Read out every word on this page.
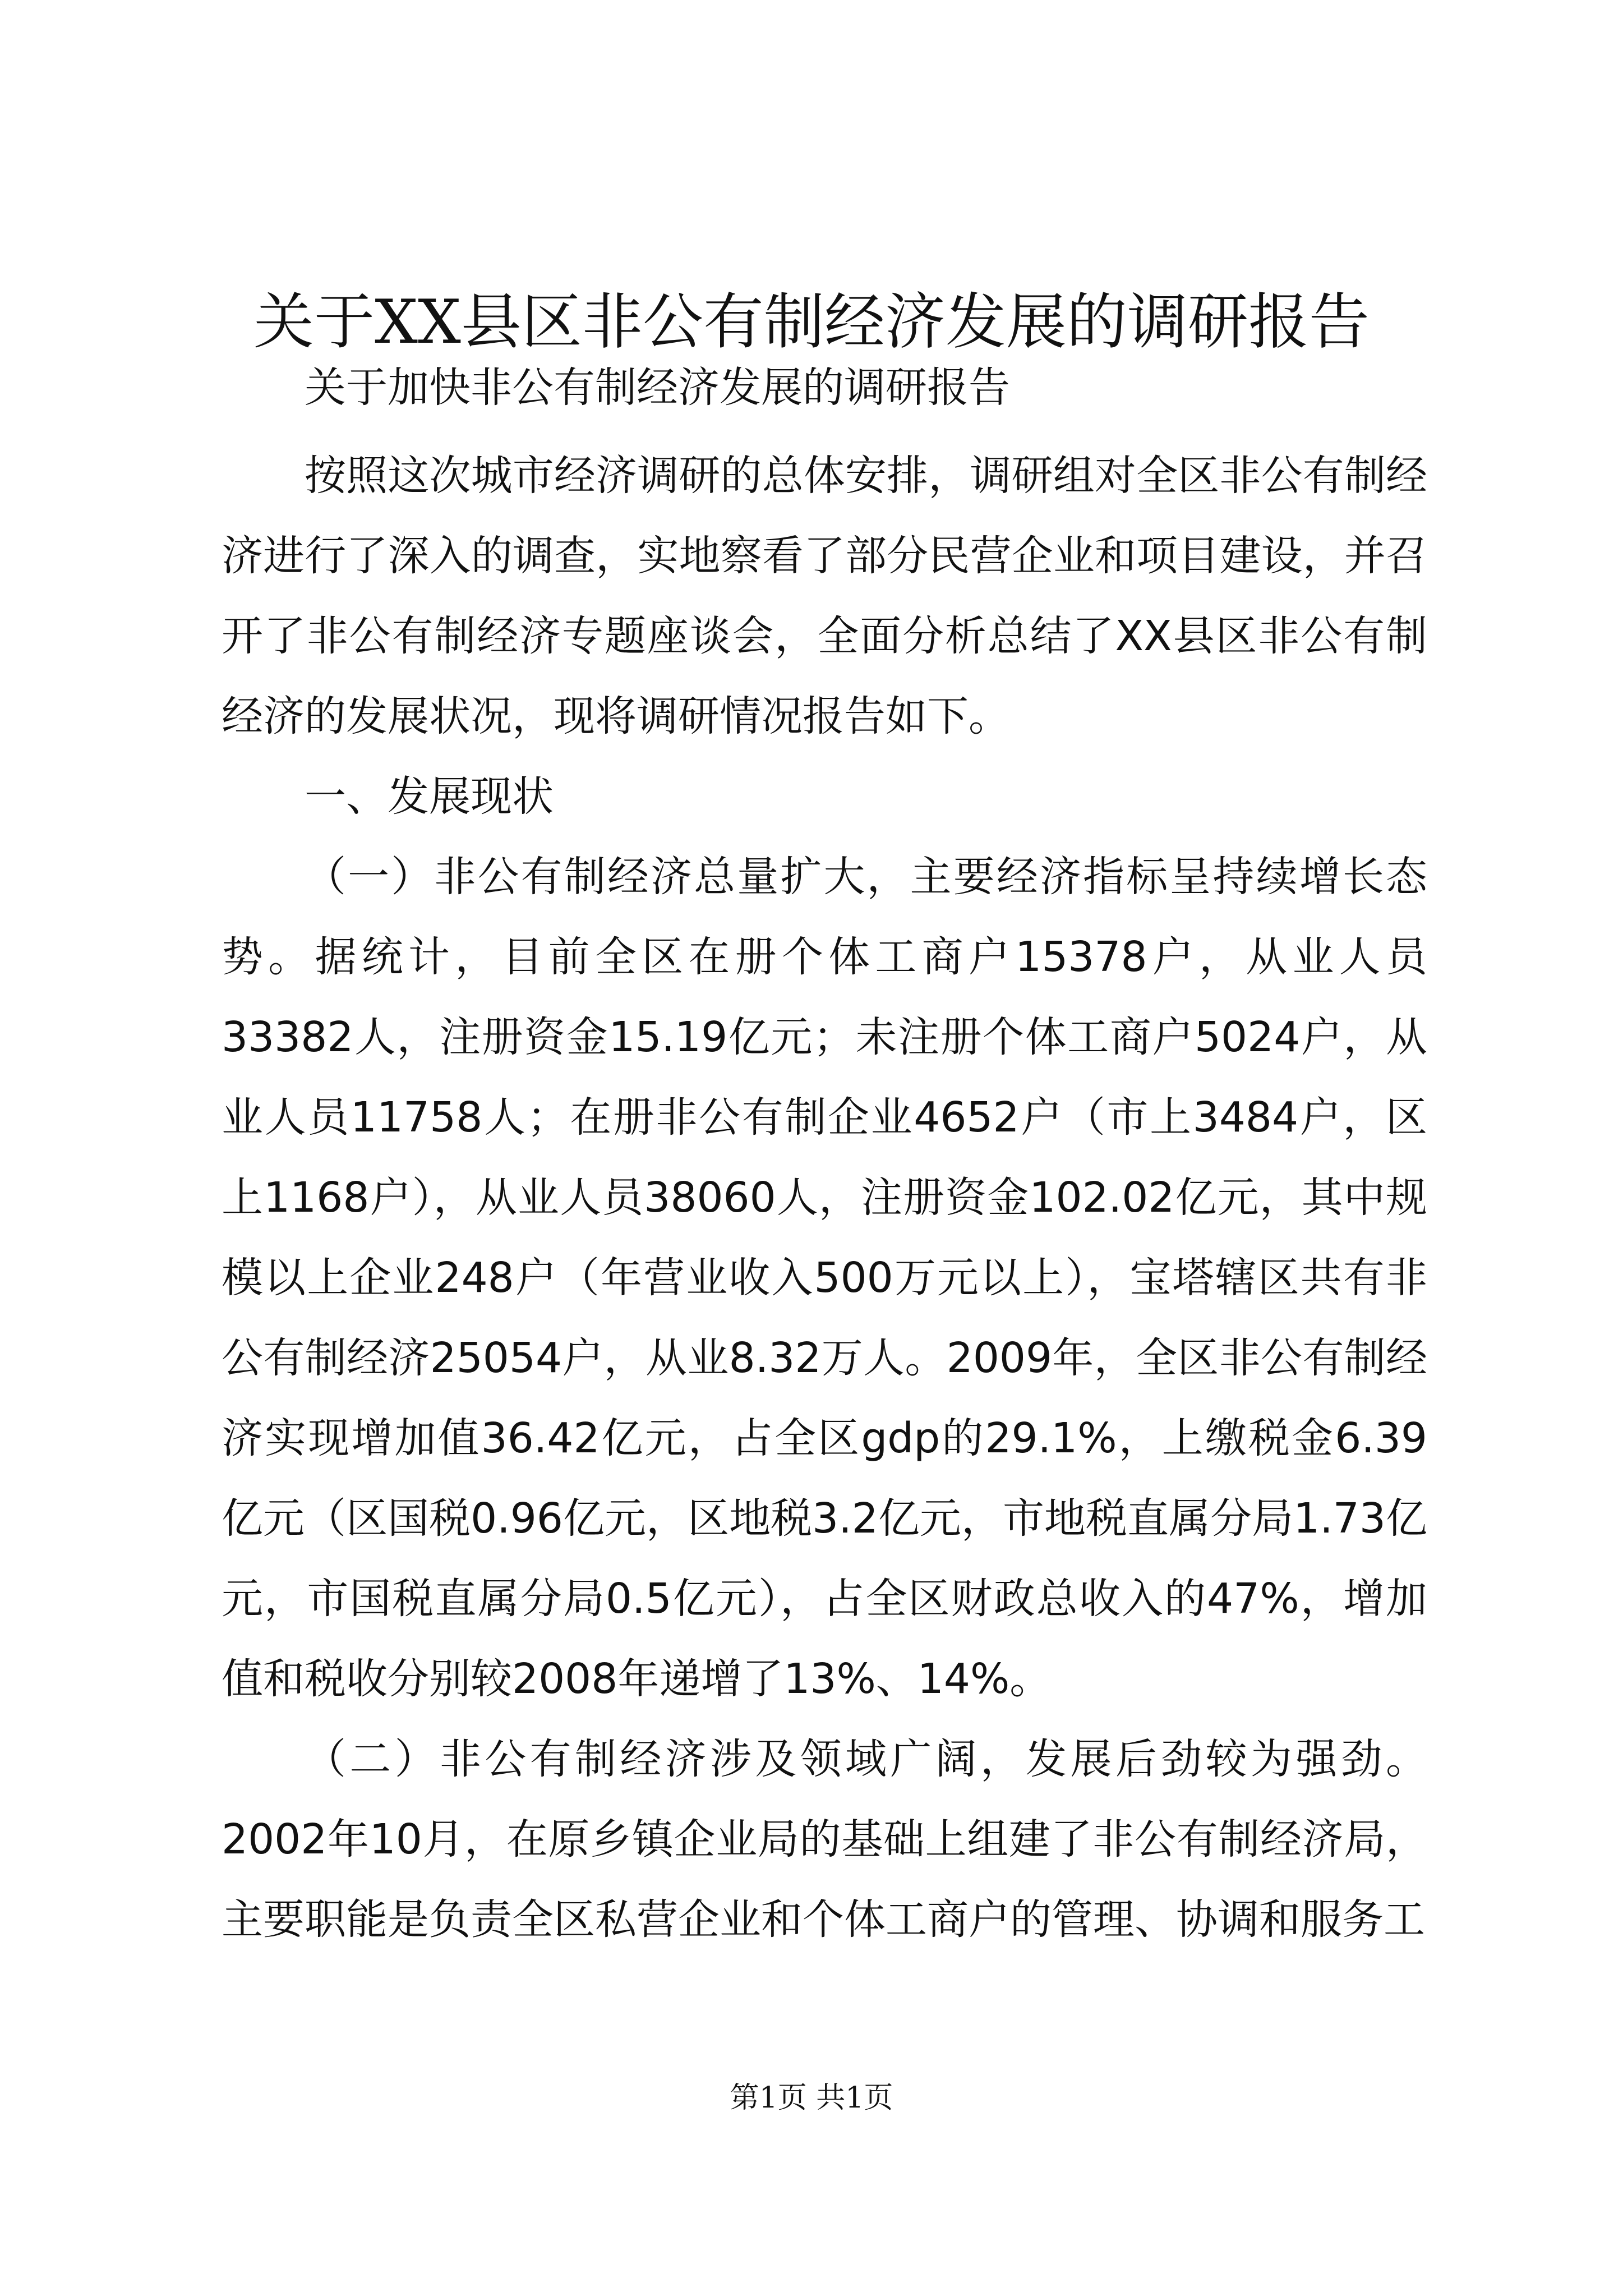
关于XX县区非公有制经济发展的调研报告

关于加快非公有制经济发展的调研报告

按照这次城市经济调研的总体安排，调研组对全区非公有制经济进行了深入的调查，实地察看了部分民营企业和项目建设，并召开了非公有制经济专题座谈会，全面分析总结了XX县区非公有制经济的发展状况，现将调研情况报告如下。

一、发展现状

（一）非公有制经济总量扩大，主要经济指标呈持续增长态势。据统计，目前全区在册个体工商户15378户，从业人员33382人，注册资金15.19亿元；未注册个体工商户5024户，从业人员11758人；在册非公有制企业4652户（市上3484户，区上1168户），从业人员38060人，注册资金102.02亿元，其中规模以上企业248户（年营业收入500万元以上），宝塔辖区共有非公有制经济25054户，从业8.32万人。2009年，全区非公有制经济实现增加值36.42亿元，占全区gdp的29.1%，上缴税金6.39亿元（区国税0.96亿元，区地税3.2亿元，市地税直属分局1.73亿元，市国税直属分局0.5亿元），占全区财政总收入的47%，增加值和税收分别较2008年递增了13%、14%。

（二）非公有制经济涉及领域广阔，发展后劲较为强劲。2002年10月，在原乡镇企业局的基础上组建了非公有制经济局，主要职能是负责全区私营企业和个体工商户的管理、协调和服务工

第1页 共1页
